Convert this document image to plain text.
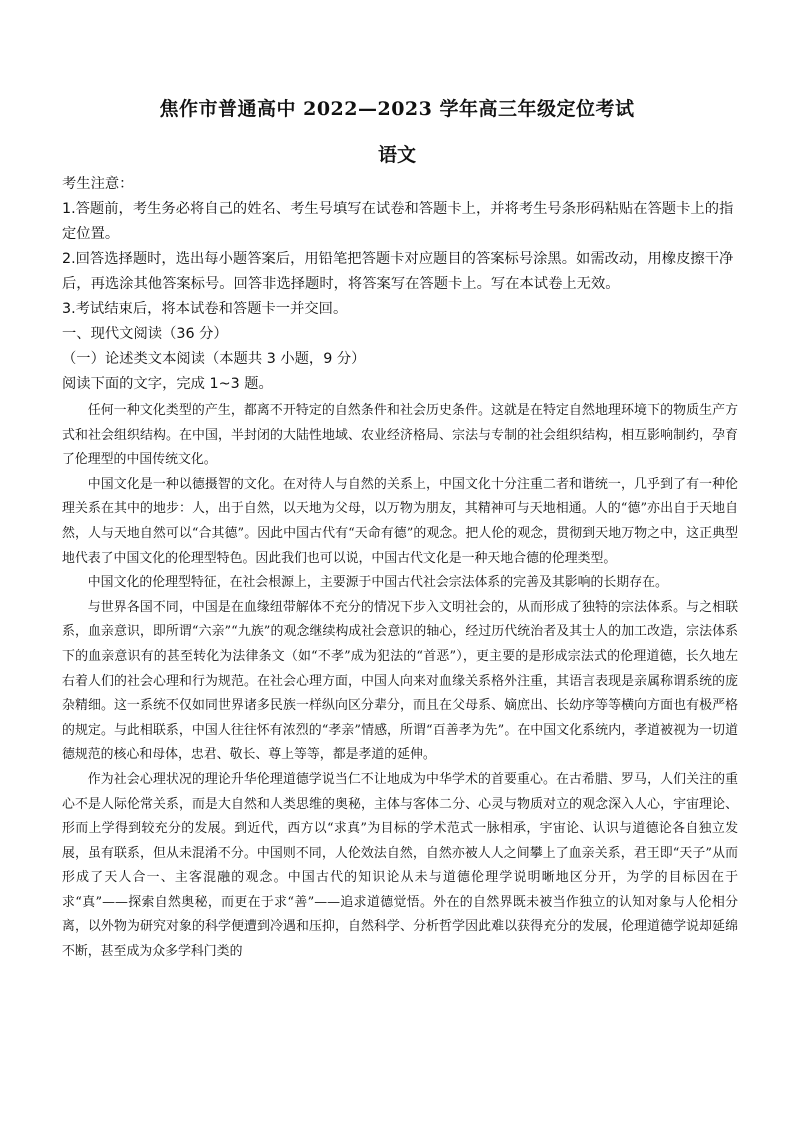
焦作市普通高中 2022—2023 学年高三年级定位考试
语文

考生注意：

1.答题前，考生务必将自己的姓名、考生号填写在试卷和答题卡上，并将考生号条形码粘贴在答题卡上的指定位置。

2.回答选择题时，选出每小题答案后，用铅笔把答题卡对应题目的答案标号涂黑。如需改动，用橡皮擦干净后，再选涂其他答案标号。回答非选择题时，将答案写在答题卡上。写在本试卷上无效。

3.考试结束后，将本试卷和答题卡一并交回。

一、现代文阅读（36 分）

（一）论述类文本阅读（本题共 3 小题，9 分）

阅读下面的文字，完成 1~3 题。

任何一种文化类型的产生，都离不开特定的自然条件和社会历史条件。这就是在特定自然地理环境下的物质生产方式和社会组织结构。在中国，半封闭的大陆性地域、农业经济格局、宗法与专制的社会组织结构，相互影响制约，孕育了伦理型的中国传统文化。

中国文化是一种以德摄智的文化。在对待人与自然的关系上，中国文化十分注重二者和谐统一，几乎到了有一种伦理关系在其中的地步：人，出于自然，以天地为父母，以万物为朋友，其精神可与天地相通。人的“德”亦出自于天地自然，人与天地自然可以“合其德”。因此中国古代有“天命有德”的观念。把人伦的观念，贯彻到天地万物之中，这正典型地代表了中国文化的伦理型特色。因此我们也可以说，中国古代文化是一种天地合德的伦理类型。

中国文化的伦理型特征，在社会根源上，主要源于中国古代社会宗法体系的完善及其影响的长期存在。

与世界各国不同，中国是在血缘纽带解体不充分的情况下步入文明社会的，从而形成了独特的宗法体系。与之相联系，血亲意识，即所谓“六亲”“九族”的观念继续构成社会意识的轴心，经过历代统治者及其士人的加工改造，宗法体系下的血亲意识有的甚至转化为法律条文（如“不孝”成为犯法的“首恶”），更主要的是形成宗法式的伦理道德，长久地左右着人们的社会心理和行为规范。在社会心理方面，中国人向来对血缘关系格外注重，其语言表现是亲属称谓系统的庞杂精细。这一系统不仅如同世界诸多民族一样纵向区分辈分，而且在父母系、嫡庶出、长幼序等等横向方面也有极严格的规定。与此相联系，中国人往往怀有浓烈的“孝亲”情感，所谓“百善孝为先”。在中国文化系统内，孝道被视为一切道德规范的核心和母体，忠君、敬长、尊上等等，都是孝道的延伸。

作为社会心理状况的理论升华伦理道德学说当仁不让地成为中华学术的首要重心。在古希腊、罗马，人们关注的重心不是人际伦常关系，而是大自然和人类思维的奥秘，主体与客体二分、心灵与物质对立的观念深入人心，宇宙理论、形而上学得到较充分的发展。到近代，西方以“求真”为目标的学术范式一脉相承，宇宙论、认识与道德论各自独立发展，虽有联系，但从未混淆不分。中国则不同，人伦效法自然，自然亦被人人之间攀上了血亲关系，君王即“天子”从而形成了天人合一、主客混融的观念。中国古代的知识论从未与道德伦理学说明晰地区分开，为学的目标因在于求“真”——探索自然奥秘，而更在于求“善”——追求道德觉悟。外在的自然界既未被当作独立的认知对象与人伦相分离，以外物为研究对象的科学便遭到冷遇和压抑，自然科学、分析哲学因此难以获得充分的发展，伦理道德学说却延绵不断，甚至成为众多学科门类的
